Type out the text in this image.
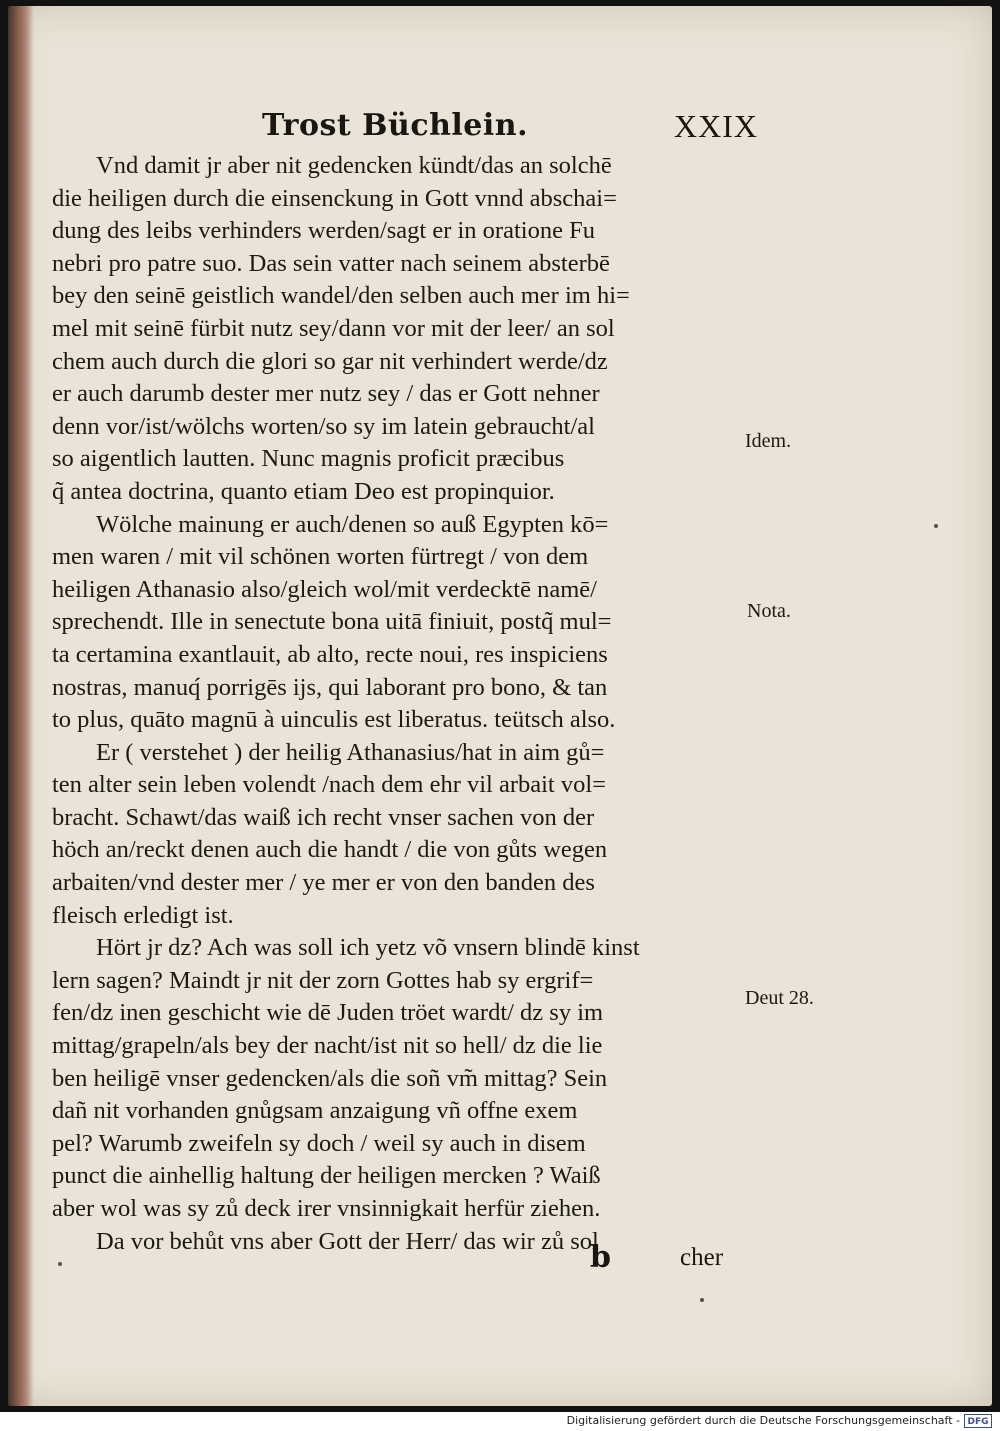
Trost Büchlein.	XXIX
Vnd damit jr aber nit gedencken kündt/das an solchē
die heiligen durch die einsenckung in Gott vnnd abschai=
dung des leibs verhinders werden/sagt er in oratione Fu
nebri pro patre suo. Das sein vatter nach seinem absterbē
bey den seinē geistlich wandel/den selben auch mer im hi=
mel mit seinē fürbit nutz sey/dann vor mit der leer/ an sol
chem auch durch die glori so gar nit verhindert werde/dz
er auch darumb dester mer nutz sey / das er Gott nehner
denn vor/ist/wölchs worten/so sy im latein gebraucht/al
so aigentlich lautten. Nunc magnis proficit præcibus
q̃ antea doctrina, quanto etiam Deo est propinquior.
Wölche mainung er auch/denen so auß Egypten kō=
men waren / mit vil schönen worten fürtregt / von dem
heiligen Athanasio also/gleich wol/mit verdecktē namē/
sprechendt. Ille in senectute bona uitā finiuit, postq̃ mul=
ta certamina exantlauit, ab alto, recte noui, res inspiciens
nostras, manuq́ porrigēs ijs, qui laborant pro bono, & tan
to plus, quāto magnū à uinculis est liberatus. teütsch also.
Er ( verstehet ) der heilig Athanasius/hat in aim gů=
ten alter sein leben volendt /nach dem ehr vil arbait vol=
bracht. Schawt/das waiß ich recht vnser sachen von der
höch an/reckt denen auch die handt / die von gůts wegen
arbaiten/vnd dester mer / ye mer er von den banden des
fleisch erledigt ist.
Hört jr dz? Ach was soll ich yetz võ vnsern blindē kinst
lern sagen? Maindt jr nit der zorn Gottes hab sy ergrif=
fen/dz inen geschicht wie dē Juden tröet wardt/ dz sy im
mittag/grapeln/als bey der nacht/ist nit so hell/ dz die lie
ben heiligē vnser gedencken/als die soñ vm̃ mittag? Sein
dañ nit vorhanden gnůgsam anzaigung vñ offne exem
pel? Warumb zweifeln sy doch / weil sy auch in disem
punct die ainhellig haltung der heiligen mercken ? Waiß
aber wol was sy zů deck irer vnsinnigkait herfür ziehen.
Da vor behůt vns aber Gott der Herr/ das wir zů sol
Idem.
Nota.
Deut 28.
b	cher
Digitalisierung gefördert durch die Deutsche Forschungsgemeinschaft - DFG
